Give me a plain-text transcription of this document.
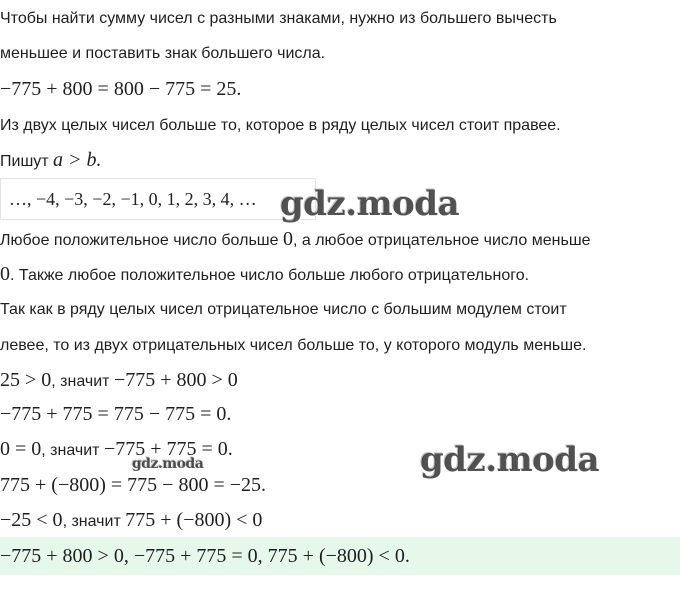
Чтобы найти сумму чисел с разными знаками, нужно из большего вычесть
меньшее и поставить знак большего числа.
−775 + 800 = 800 − 775 = 25.
Из двух целых чисел больше то, которое в ряду целых чисел стоит правее.
Пишут a > b.
…, −4, −3, −2, −1, 0, 1, 2, 3, 4, …
Любое положительное число больше 0, а любое отрицательное число меньше
0. Также любое положительное число больше любого отрицательного.
Так как в ряду целых чисел отрицательное число с большим модулем стоит
левее, то из двух отрицательных чисел больше то, у которого модуль меньше.
25 > 0, значит −775 + 800 > 0
−775 + 775 = 775 − 775 = 0.
0 = 0, значит −775 + 775 = 0.
775 + (−800) = 775 − 800 = −25.
−25 < 0, значит 775 + (−800) < 0
−775 + 800 > 0, −775 + 775 = 0, 775 + (−800) < 0.
gdz.moda
gdz.moda
gdz.moda
